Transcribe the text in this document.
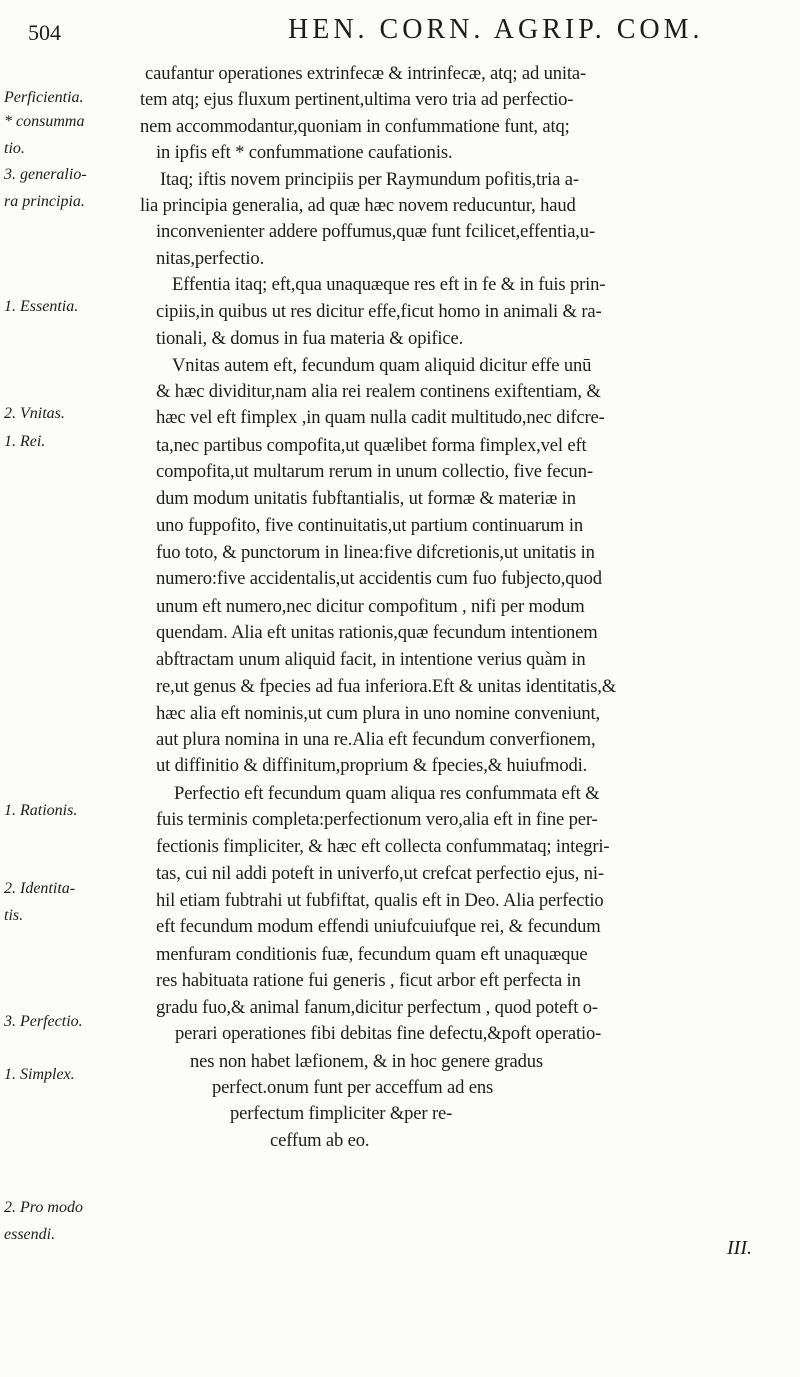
504	HEN. CORN. AGRIP. COM.
Perficientia.
* consumma
tio.
3. generalio-
ra principia.
1. Essentia.
2. Vnitas.
1. Rei.
1. Rationis.
2. Identita-
tis.
3. Perfectio.
1. Simplex.
2. Pro modo
essendi.
caufantur operationes extrinfecæ & intrinfecæ, atq; ad unita-
tem atq; ejus fluxum pertinent,ultima vero tria ad perfectio-
nem accommodantur,quoniam in confummatione funt, atq;
in ipfis eft * confummatione caufationis.
Itaq; iftis novem principiis per Raymundum pofitis,tria a-
lia principia generalia, ad quæ hæc novem reducuntur, haud
inconvenienter addere poffumus,quæ funt fcilicet,effentia,u-
nitas,perfectio.
Effentia itaq; eft,qua unaquæque res eft in fe & in fuis prin-
cipiis,in quibus ut res dicitur effe,ficut homo in animali & ra-
tionali, & domus in fua materia & opifice.
Vnitas autem eft, fecundum quam aliquid dicitur effe unū
& hæc dividitur,nam alia rei realem continens exiftentiam, &
hæc vel eft fimplex ,in quam nulla cadit multitudo,nec difcre-
ta,nec partibus compofita,ut quælibet forma fimplex,vel eft
compofita,ut multarum rerum in unum collectio, five fecun-
dum modum unitatis fubftantialis, ut formæ & materiæ in
uno fuppofito, five continuitatis,ut partium continuarum in
fuo toto, & punctorum in linea:five difcretionis,ut unitatis in
numero:five accidentalis,ut accidentis cum fuo fubjecto,quod
unum eft numero,nec dicitur compofitum , nifi per modum
quendam. Alia eft unitas rationis,quæ fecundum intentionem
abftractam unum aliquid facit, in intentione verius quàm in
re,ut genus & fpecies ad fua inferiora.Eft & unitas identitatis,&
hæc alia eft nominis,ut cum plura in uno nomine conveniunt,
aut plura nomina in una re.Alia eft fecundum converfionem,
ut diffinitio & diffinitum,proprium & fpecies,& huiufmodi.
Perfectio eft fecundum quam aliqua res confummata eft &
fuis terminis completa:perfectionum vero,alia eft in fine per-
fectionis fimpliciter, & hæc eft collecta confummataq; integri-
tas, cui nil addi poteft in univerfo,ut crefcat perfectio ejus, ni-
hil etiam fubtrahi ut fubfiftat, qualis eft in Deo. Alia perfectio
eft fecundum modum effendi uniufcuiufque rei, & fecundum
menfuram conditionis fuæ, fecundum quam eft unaquæque
res habituata ratione fui generis , ficut arbor eft perfecta in
gradu fuo,& animal fanum,dicitur perfectum , quod poteft o-
perari operationes fibi debitas fine defectu,&poft operatio-
nes non habet læfionem, & in hoc genere gradus
perfect.onum funt per acceffum ad ens
perfectum fimpliciter &per re-
ceffum ab eo.
III.
